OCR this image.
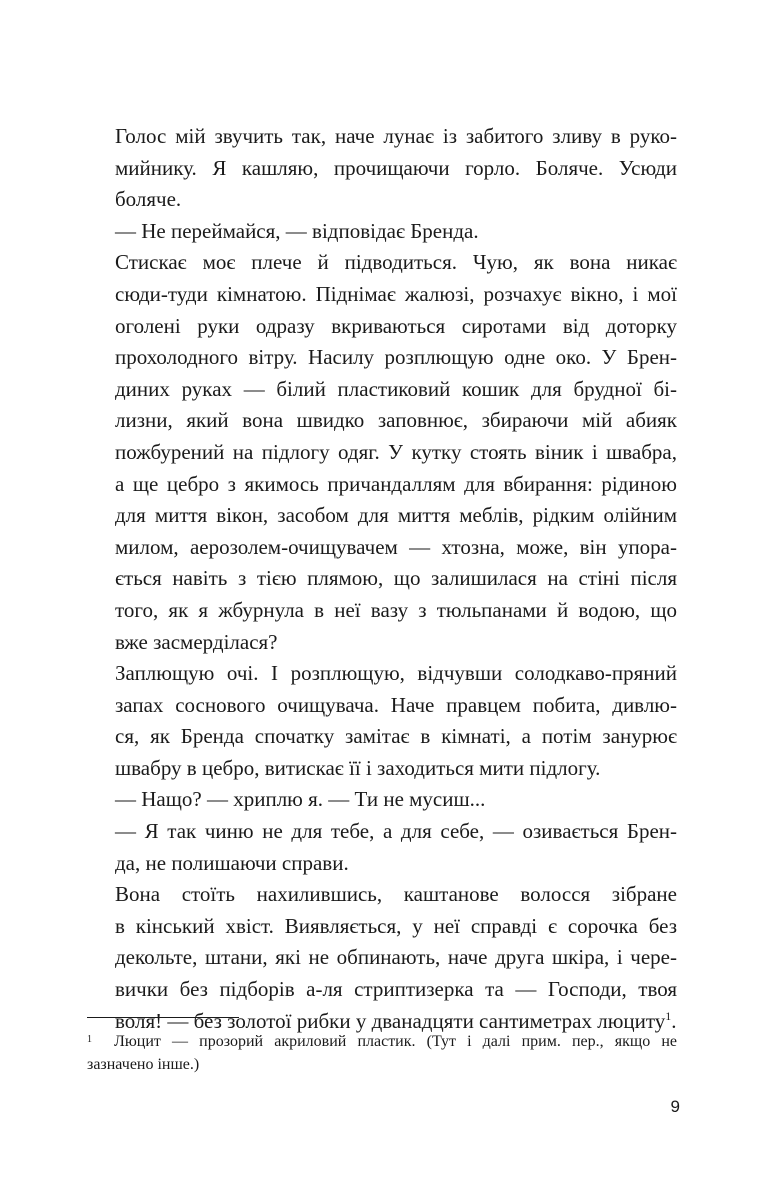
Голос мій звучить так, наче лунає із забитого зливу в руко-
мийнику. Я кашляю, прочищаючи горло. Боляче. Усюди
боляче.
— Не переймайся, — відповідає Бренда.
Стискає моє плече й підводиться. Чую, як вона никає
сюди-туди кімнатою. Піднімає жалюзі, розчахує вікно, і мої
оголені руки одразу вкриваються сиротами від доторку
прохолодного вітру. Насилу розплющую одне око. У Брен-
диних руках — білий пластиковий кошик для брудної бі-
лизни, який вона швидко заповнює, збираючи мій абияк
пожбурений на підлогу одяг. У кутку стоять віник і швабра,
а ще цебро з якимось причандаллям для вбирання: рідиною
для миття вікон, засобом для миття меблів, рідким олійним
милом, аерозолем-очищувачем — хтозна, може, він упора-
ється навіть з тією плямою, що залишилася на стіні після
того, як я жбурнула в неї вазу з тюльпанами й водою, що
вже засмерділася?
Заплющую очі. І розплющую, відчувши солодкаво-пряний
запах соснового очищувача. Наче правцем побита, дивлю-
ся, як Бренда спочатку замітає в кімнаті, а потім занурює
швабру в цебро, витискає її і заходиться мити підлогу.
— Нащо? — хриплю я. — Ти не мусиш...
— Я так чиню не для тебе, а для себе, — озивається Брен-
да, не полишаючи справи.
Вона стоїть нахилившись, каштанове волосся зібране
в кінський хвіст. Виявляється, у неї справді є сорочка без
декольте, штани, які не обпинають, наче друга шкіра, і чере-
вички без підборів а-ля стриптизерка та — Господи, твоя
воля! — без золотої рибки у дванадцяти сантиметрах люциту$^1$.
1	Люцит — прозорий акриловий пластик. (Тут і далі прим. пер., якщо не
зазначено інше.)
9
